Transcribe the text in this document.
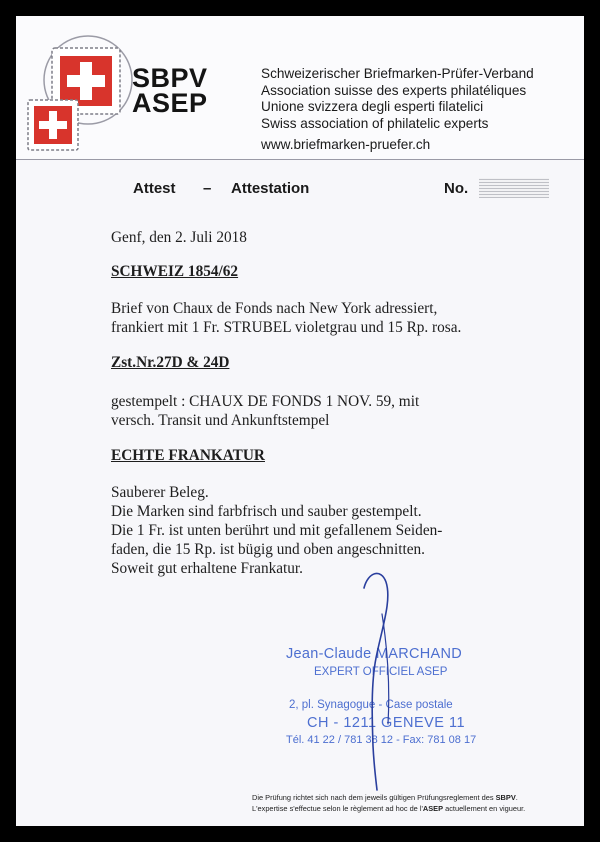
SBPV
ASEP
Schweizerischer Briefmarken-Prüfer-Verband
Association suisse des experts philatéliques
Unione svizzera degli esperti filatelici
Swiss association of philatelic experts
www.briefmarken-pruefer.ch
Attest – Attestation	No.
Genf, den 2. Juli 2018
SCHWEIZ 1854/62
Brief von Chaux de Fonds nach New York adressiert,
frankiert mit 1 Fr. STRUBEL violetgrau und 15 Rp. rosa.
Zst.Nr.27D & 24D
gestempelt : CHAUX DE FONDS 1 NOV. 59, mit
versch. Transit und Ankunftstempel
ECHTE FRANKATUR
Sauberer Beleg.
Die Marken sind farbfrisch und sauber gestempelt.
Die 1 Fr. ist unten berührt und mit gefallenem Seiden-
faden, die 15 Rp. ist bügig und oben angeschnitten.
Soweit gut erhaltene Frankatur.
Jean-Claude MARCHAND
EXPERT OFFICIEL ASEP
2, pl. Synagogue - Case postale
CH - 1211 GENEVE 11
Tél. 41 22 / 781 38 12 - Fax: 781 08 17
Die Prüfung richtet sich nach dem jeweils gültigen Prüfungsreglement des SBPV.
L'expertise s'effectue selon le règlement ad hoc de l'ASEP actuellement en vigueur.
